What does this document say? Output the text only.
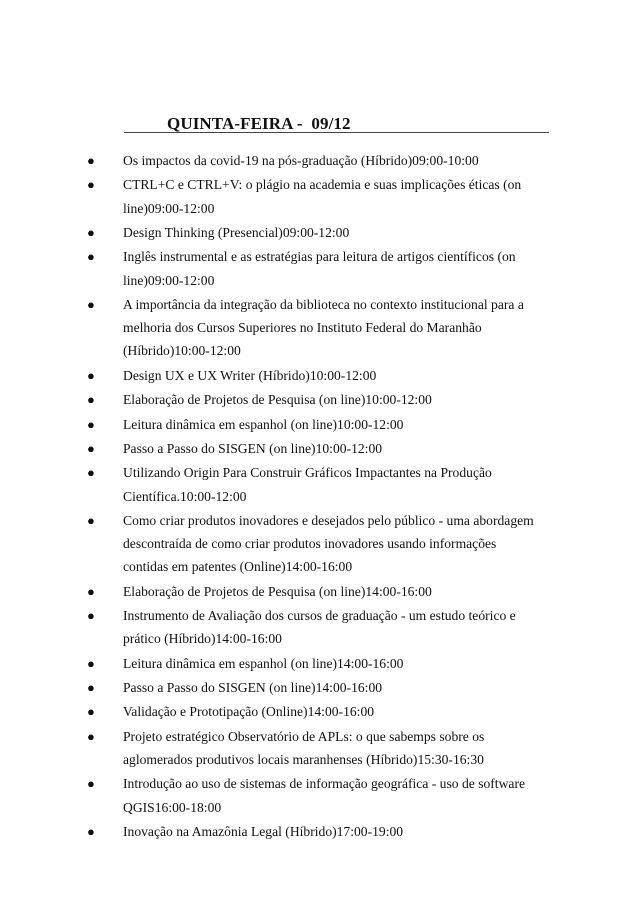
QUINTA-FEIRA -  09/12
● Os impactos da covid-19 na pós-graduação (Híbrido)09:00-10:00
● CTRL+C e CTRL+V: o plágio na academia e suas implicações éticas (on line)09:00-12:00
● Design Thinking (Presencial)09:00-12:00
● Inglês instrumental e as estratégias para leitura de artigos científicos (on line)09:00-12:00
● A importância da integração da biblioteca no contexto institucional para a melhoria dos Cursos Superiores no Instituto Federal do Maranhão (Híbrido)10:00-12:00
● Design UX e UX Writer (Híbrido)10:00-12:00
● Elaboração de Projetos de Pesquisa (on line)10:00-12:00
● Leitura dinâmica em espanhol (on line)10:00-12:00
● Passo a Passo do SISGEN (on line)10:00-12:00
● Utilizando Origin Para Construir Gráficos Impactantes na Produção Científica.10:00-12:00
● Como criar produtos inovadores e desejados pelo público - uma abordagem descontraída de como criar produtos inovadores usando informações contidas em patentes (Online)14:00-16:00
● Elaboração de Projetos de Pesquisa (on line)14:00-16:00
● Instrumento de Avaliação dos cursos de graduação - um estudo teórico e prático (Híbrido)14:00-16:00
● Leitura dinâmica em espanhol (on line)14:00-16:00
● Passo a Passo do SISGEN (on line)14:00-16:00
● Validação e Prototipação (Online)14:00-16:00
● Projeto estratégico Observatório de APLs: o que sabemps sobre os aglomerados produtivos locais maranhenses (Híbrido)15:30-16:30
● Introdução ao uso de sistemas de informação geográfica - uso de software QGIS16:00-18:00
● Inovação na Amazônia Legal (Híbrido)17:00-19:00
